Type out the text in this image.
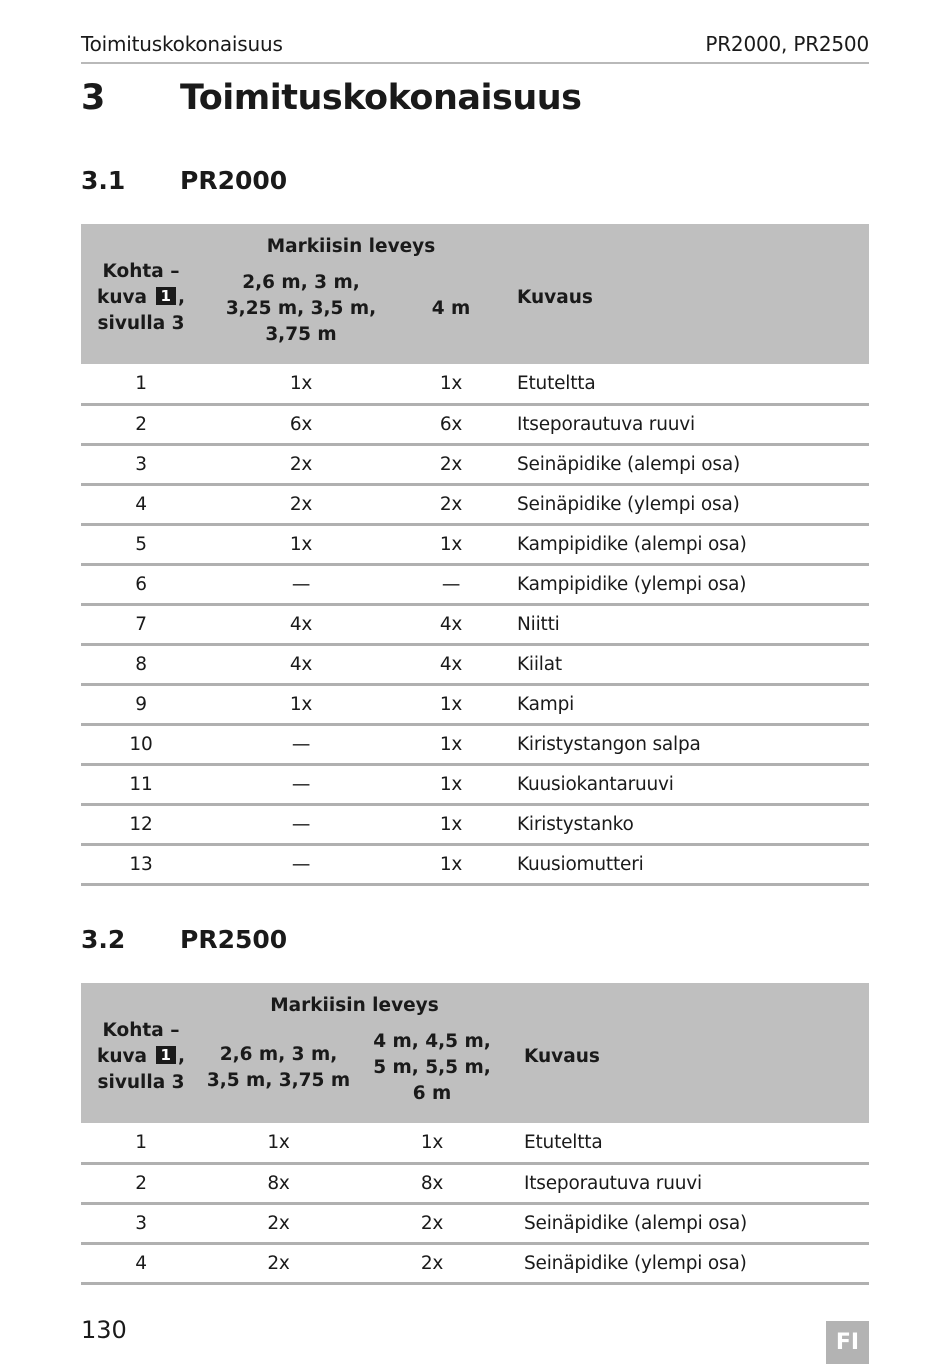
Toimituskokonaisuus	PR2000, PR2500
3 Toimituskokonaisuus
3.1 PR2000
Kohta –
kuva 1 ,
sivulla 3	Markiisin leveys		Kuvaus
	2,6 m, 3 m,
3,25 m, 3,5 m,
3,75 m	4 m	
1	1x	1x	Etuteltta
2	6x	6x	Itseporautuva ruuvi
3	2x	2x	Seinäpidike (alempi osa)
4	2x	2x	Seinäpidike (ylempi osa)
5	1x	1x	Kampipidike (alempi osa)
6	—	—	Kampipidike (ylempi osa)
7	4x	4x	Niitti
8	4x	4x	Kiilat
9	1x	1x	Kampi
10	—	1x	Kiristystangon salpa
11	—	1x	Kuusiokantaruuvi
12	—	1x	Kiristystanko
13	—	1x	Kuusiomutteri
3.2 PR2500
Kohta –
kuva 1 ,
sivulla 3	Markiisin leveys		Kuvaus
	2,6 m, 3 m,
3,5 m, 3,75 m	4 m, 4,5 m,
5 m, 5,5 m,
6 m	
1	1x	1x	Etuteltta
2	8x	8x	Itseporautuva ruuvi
3	2x	2x	Seinäpidike (alempi osa)
4	2x	2x	Seinäpidike (ylempi osa)
130	FI
